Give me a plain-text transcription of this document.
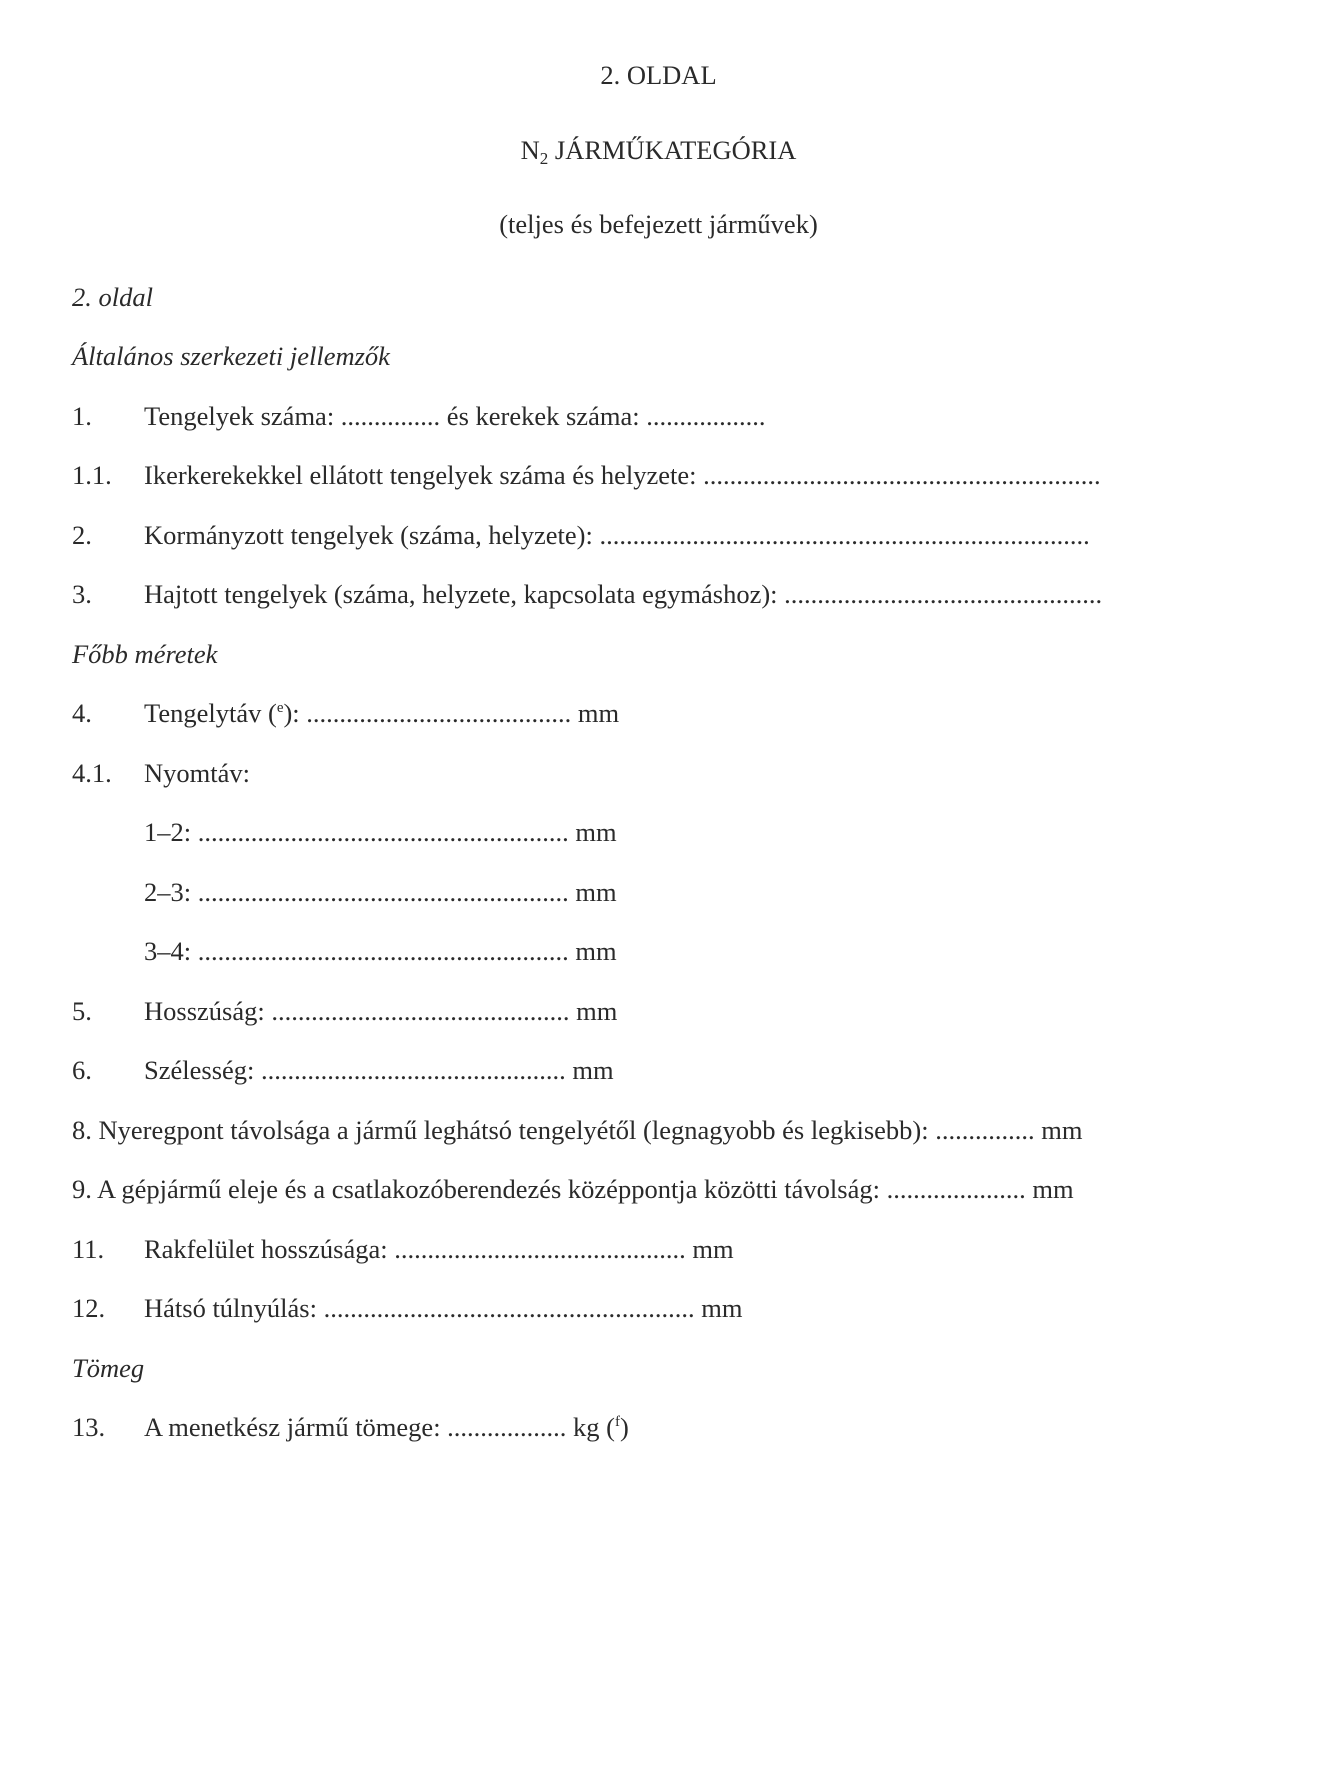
2. OLDAL
N2 JÁRMŰKATEGÓRIA
(teljes és befejezett járművek)
2. oldal
Általános szerkezeti jellemzők
1. Tengelyek száma: ............... és kerekek száma: ..................
1.1. Ikerkerekekkel ellátott tengelyek száma és helyzete: ............................................................
2. Kormányzott tengelyek (száma, helyzete): ..........................................................................
3. Hajtott tengelyek (száma, helyzete, kapcsolata egymáshoz): ................................................
Főbb méretek
4. Tengelytáv ($^e$): ........................................ mm
4.1. Nyomtáv:
1–2: ........................................................ mm
2–3: ........................................................ mm
3–4: ........................................................ mm
5. Hosszúság: ............................................. mm
6. Szélesség: .............................................. mm
8. Nyeregpont távolsága a jármű leghátsó tengelyétől (legnagyobb és legkisebb): ............... mm
9. A gépjármű eleje és a csatlakozóberendezés középpontja közötti távolság: ..................... mm
11. Rakfelület hosszúsága: ............................................ mm
12. Hátsó túlnyúlás: ........................................................ mm
Tömeg
13. A menetkész jármű tömege: .................. kg ($^f$)
